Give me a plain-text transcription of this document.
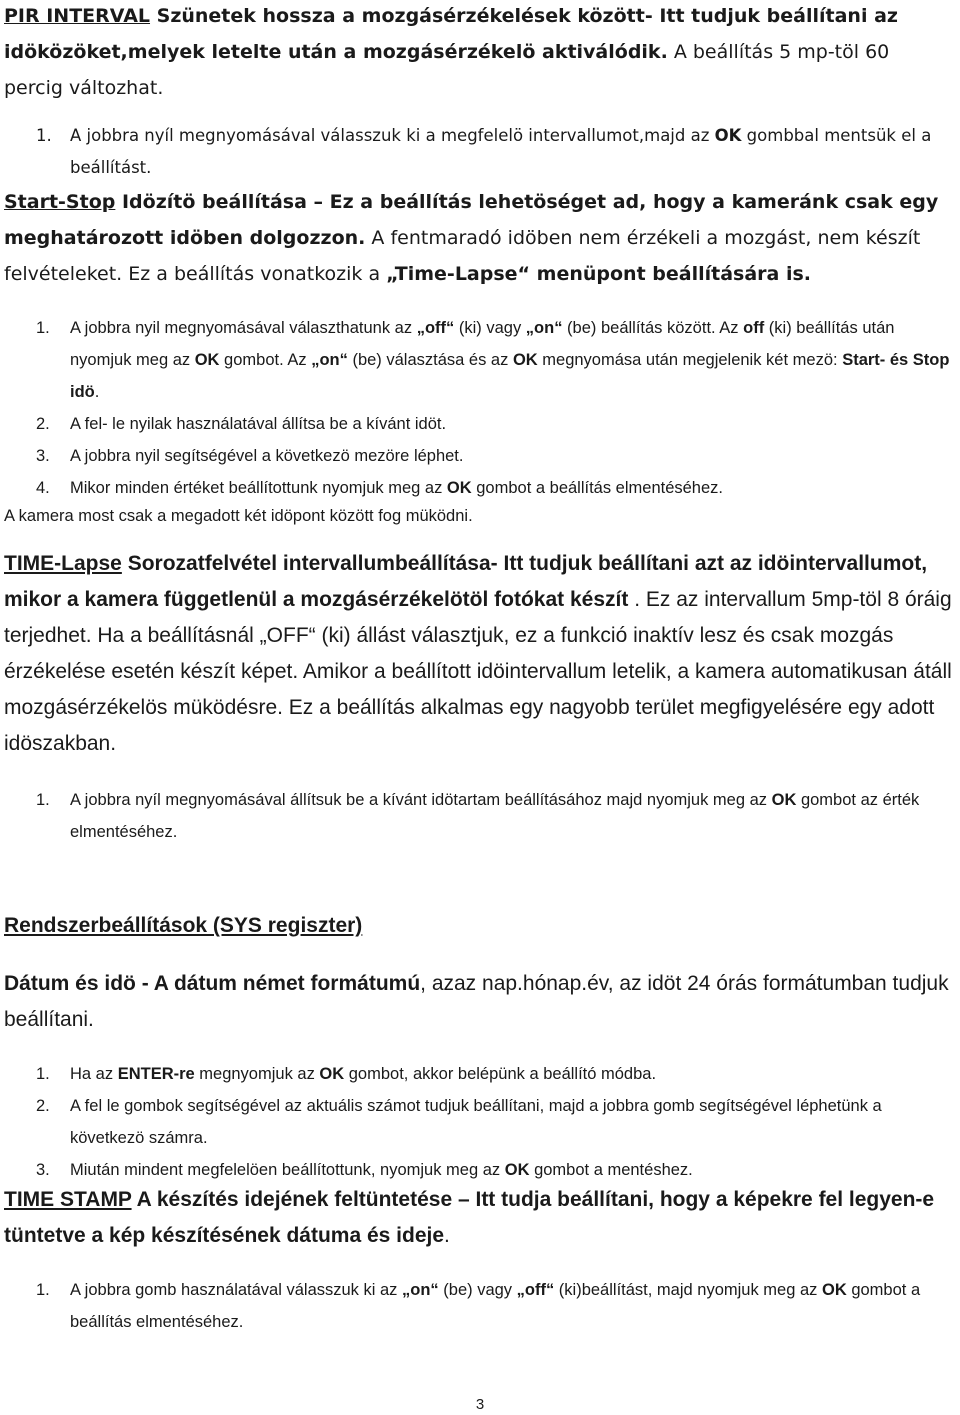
PIR INTERVAL Szünetek hossza a mozgásérzékelések között- Itt tudjuk beállítani az idöközöket,melyek letelte után a mozgásérzékelö aktiválódik. A beállítás 5 mp-töl 60 percig változhat.

1. A jobbra nyíl megnyomásával válasszuk ki a megfelelö intervallumot,majd az OK gombbal mentsük el a beállítást.

Start-Stop Idözítö beállítása – Ez a beállítás lehetöséget ad, hogy a kameránk csak egy meghatározott idöben dolgozzon. A fentmaradó idöben nem érzékeli a mozgást, nem készít felvételeket. Ez a beállítás vonatkozik a „Time-Lapse“ menüpont beállítására is.

1. A jobbra nyil megnyomásával választhatunk az „off“ (ki) vagy „on“ (be) beállítás között. Az off (ki) beállítás után nyomjuk meg az OK gombot. Az „on“ (be) választása és az OK megnyomása után megjelenik két mezö: Start- és Stop idö.
2. A fel- le nyilak használatával állítsa be a kívánt idöt.
3. A jobbra nyil segítségével a következö mezöre léphet.
4. Mikor minden értéket beállítottunk nyomjuk meg az OK gombot a beállítás elmentéséhez.

A kamera most csak a megadott két idöpont között fog müködni.

TIME-Lapse Sorozatfelvétel intervallumbeállítása- Itt tudjuk beállítani azt az idöintervallumot, mikor a kamera függetlenül a mozgásérzékelötöl fotókat készít . Ez az intervallum 5mp-töl 8 óráig terjedhet. Ha a beállításnál „OFF“ (ki) állást választjuk, ez a funkció inaktív lesz és csak mozgás érzékelése esetén készít képet. Amikor a beállított idöintervallum letelik, a kamera automatikusan átáll mozgásérzékelös müködésre. Ez a beállítás alkalmas egy nagyobb terület megfigyelésére egy adott idöszakban.

1. A jobbra nyíl megnyomásával állítsuk be a kívánt idötartam beállításához majd nyomjuk meg az OK gombot az érték elmentéséhez.

Rendszerbeállítások (SYS regiszter)

Dátum és idö - A dátum német formátumú, azaz nap.hónap.év, az idöt 24 órás formátumban tudjuk beállítani.

1. Ha az ENTER-re megnyomjuk az OK gombot, akkor belépünk a beállító módba.
2. A fel le gombok segítségével az aktuális számot tudjuk beállítani, majd a jobbra gomb segítségével léphetünk a következö számra.
3. Miután mindent megfelelöen beállítottunk, nyomjuk meg az OK gombot a mentéshez.

TIME STAMP A készítés idejének feltüntetése – Itt tudja beállítani, hogy a képekre fel legyen-e tüntetve a kép készítésének dátuma és ideje.

1. A jobbra gomb használatával válasszuk ki az „on“ (be) vagy „off“ (ki)beállítást, majd nyomjuk meg az OK gombot a beállítás elmentéséhez.
3
